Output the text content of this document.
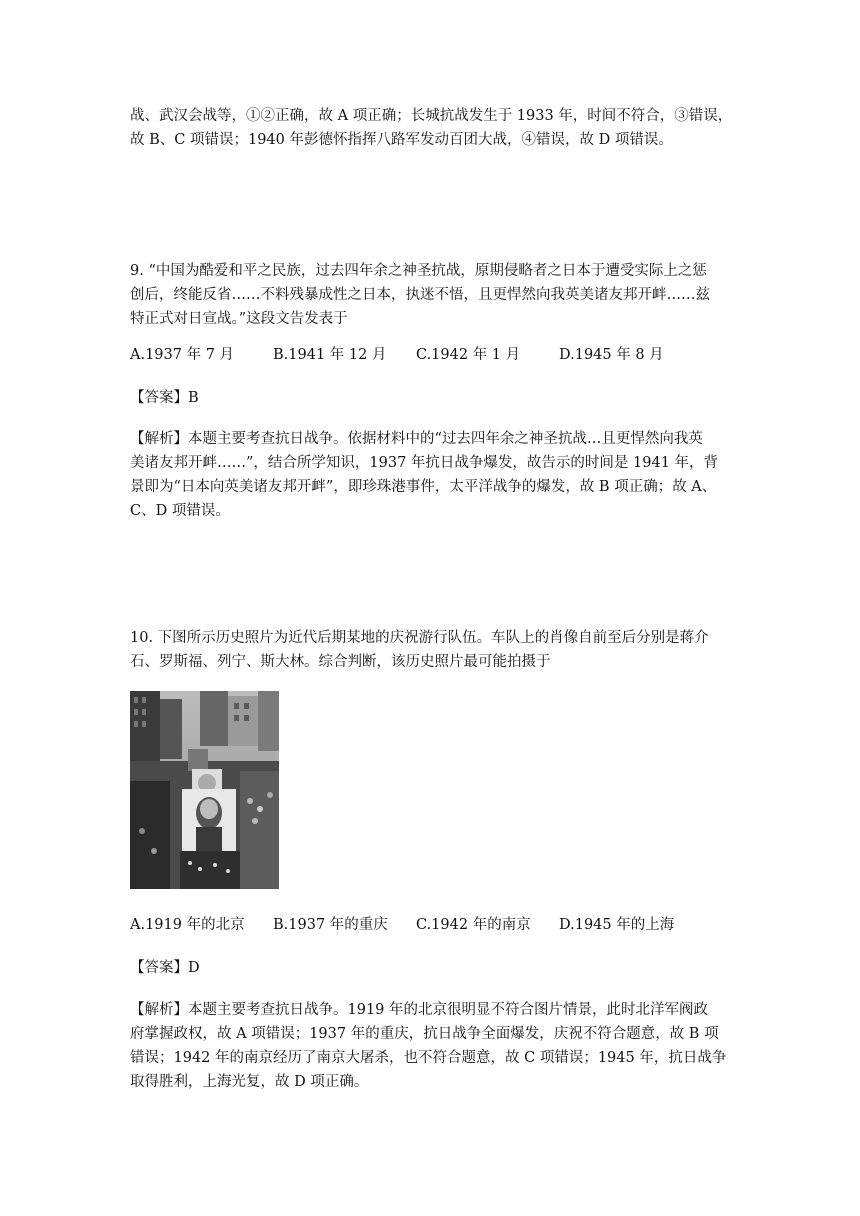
战、武汉会战等，①②正确，故 A 项正确；长城抗战发生于 1933 年，时间不符合，③错误，

故 B、C 项错误；1940 年彭德怀指挥八路军发动百团大战，④错误，故 D 项错误。

9. “中国为酷爱和平之民族，过去四年余之神圣抗战，原期侵略者之日本于遭受实际上之惩

创后，终能反省……不料残暴成性之日本，执迷不悟，且更悍然向我英美诸友邦开衅……兹

特正式对日宣战。”这段文告发表于

A.1937 年 7 月	B.1941 年 12 月 C.1942 年 1 月	D.1945 年 8 月

【答案】B

【解析】本题主要考查抗日战争。依据材料中的“过去四年余之神圣抗战…且更悍然向我英

美诸友邦开衅……”，结合所学知识，1937 年抗日战争爆发，故告示的时间是 1941 年，背

景即为“日本向英美诸友邦开衅”，即珍珠港事件，太平洋战争的爆发，故 B 项正确；故 A、

C、D 项错误。

10. 下图所示历史照片为近代后期某地的庆祝游行队伍。车队上的肖像自前至后分别是蒋介

石、罗斯福、列宁、斯大林。综合判断，该历史照片最可能拍摄于

A.1919 年的北京 B.1937 年的重庆 C.1942 年的南京 D.1945 年的上海

【答案】D

【解析】本题主要考查抗日战争。1919 年的北京很明显不符合图片情景，此时北洋军阀政

府掌握政权，故 A 项错误；1937 年的重庆，抗日战争全面爆发，庆祝不符合题意，故 B 项

错误；1942 年的南京经历了南京大屠杀，也不符合题意，故 C 项错误；1945 年，抗日战争

取得胜利，上海光复，故 D 项正确。
